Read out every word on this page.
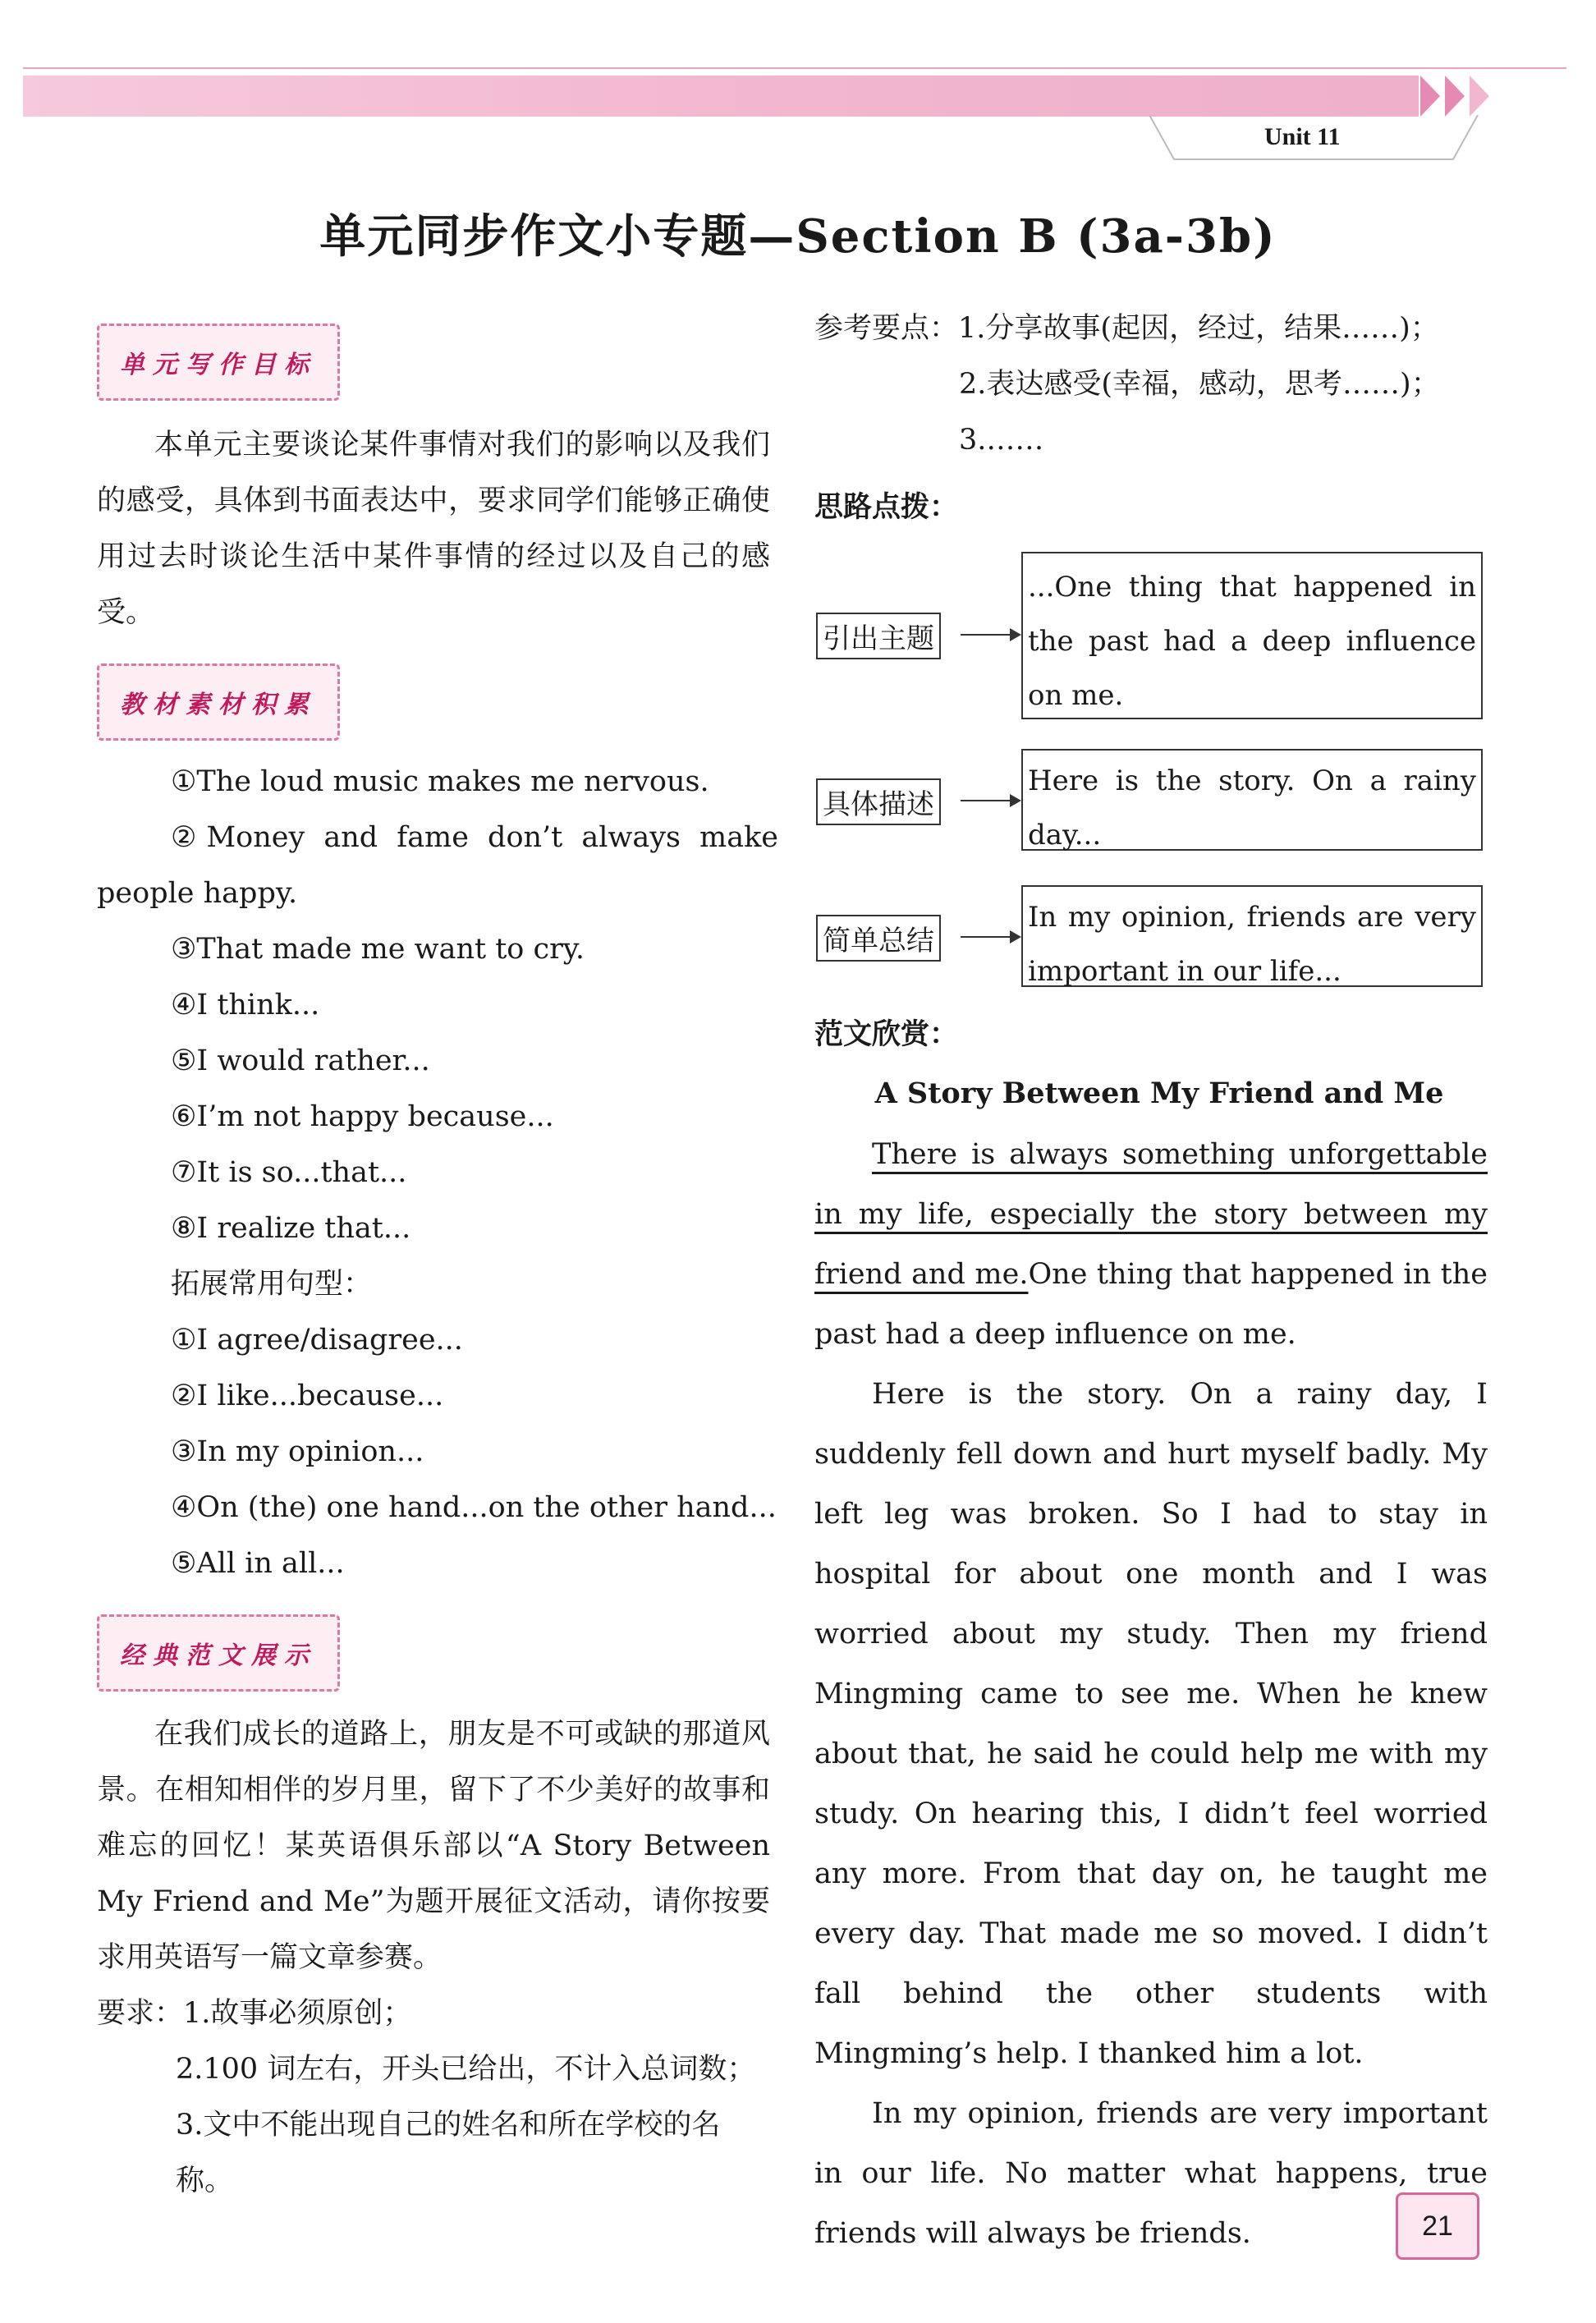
Unit 11
单元同步作文小专题—Section B (3a-3b)
单元写作目标
本单元主要谈论某件事情对我们的影响以及我们的感受，具体到书面表达中，要求同学们能够正确使用过去时谈论生活中某件事情的经过以及自己的感受。
教材素材积累
①The loud music makes me nervous.
②Money and fame don’t always make people happy.
③That made me want to cry.
④I think...
⑤I would rather...
⑥I’m not happy because...
⑦It is so...that...
⑧I realize that...
拓展常用句型：
①I agree/disagree...
②I like...because...
③In my opinion...
④On (the) one hand...on the other hand...
⑤All in all...
经典范文展示
在我们成长的道路上，朋友是不可或缺的那道风景。在相知相伴的岁月里，留下了不少美好的故事和难忘的回忆！某英语俱乐部以“A Story Between My Friend and Me”为题开展征文活动，请你按要求用英语写一篇文章参赛。
要求：1.故事必须原创；
2.100 词左右，开头已给出，不计入总词数；
3.文中不能出现自己的姓名和所在学校的名称。
参考要点：1.分享故事(起因，经过，结果……)；
2.表达感受(幸福，感动，思考……)；
3.……
思路点拨：
引出主题
...One thing that happened in the past had a deep influence on me.
具体描述
Here is the story. On a rainy day...
简单总结
In my opinion, friends are very important in our life...
范文欣赏：
A Story Between My Friend and Me
There is always something unforgettable in my life, especially the story between my friend and me.One thing that happened in the past had a deep influence on me.
Here is the story. On a rainy day, I suddenly fell down and hurt myself badly. My left leg was broken. So I had to stay in hospital for about one month and I was worried about my study. Then my friend Mingming came to see me. When he knew about that, he said he could help me with my study. On hearing this, I didn’t feel worried any more. From that day on, he taught me every day. That made me so moved. I didn’t fall behind the other students with Mingming’s help. I thanked him a lot.
In my opinion, friends are very important in our life. No matter what happens, true friends will always be friends.	21
